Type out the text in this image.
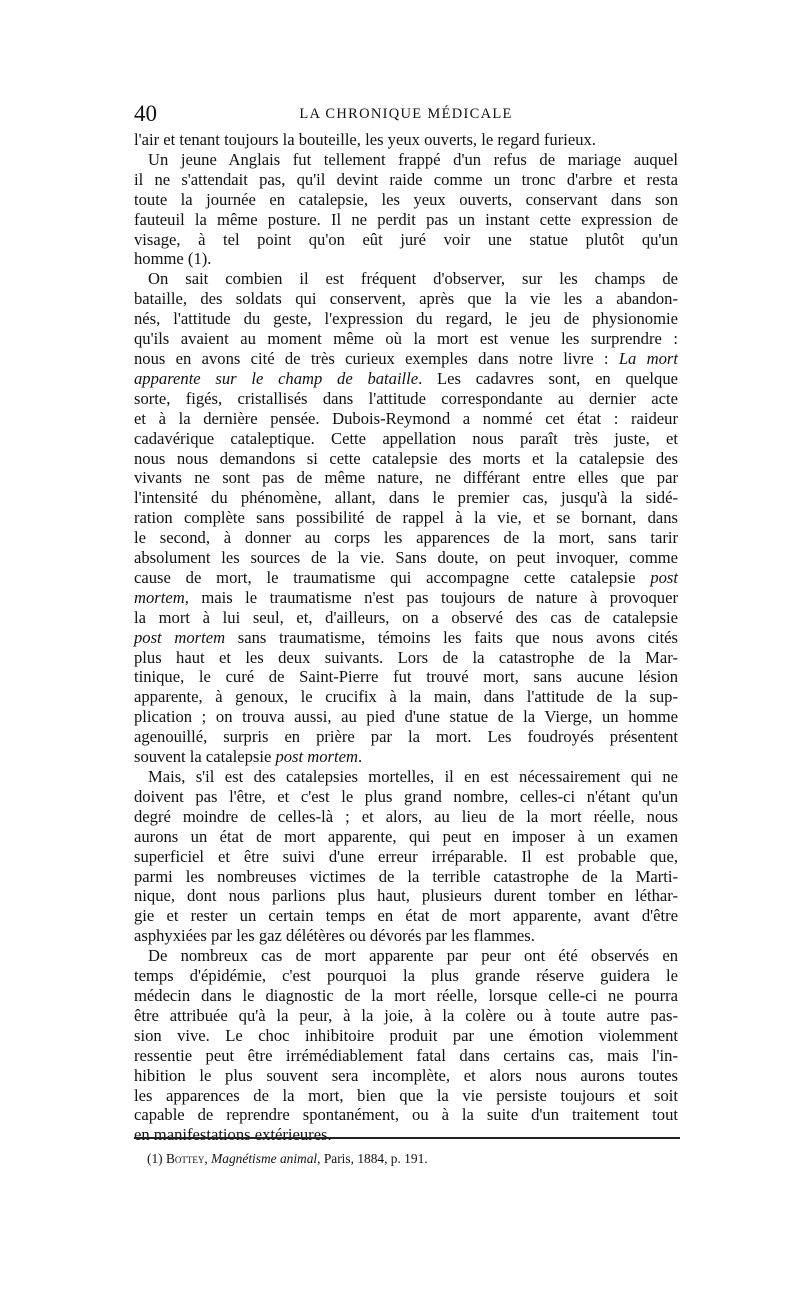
40	LA CHRONIQUE MÉDICALE
l'air et tenant toujours la bouteille, les yeux ouverts, le regard furieux.
Un jeune Anglais fut tellement frappé d'un refus de mariage auquel
il ne s'attendait pas, qu'il devint raide comme un tronc d'arbre et resta
toute la journée en catalepsie, les yeux ouverts, conservant dans son
fauteuil la même posture. Il ne perdit pas un instant cette expression de
visage, à tel point qu'on eût juré voir une statue plutôt qu'un
homme (1).
On sait combien il est fréquent d'observer, sur les champs de
bataille, des soldats qui conservent, après que la vie les a abandon-
nés, l'attitude du geste, l'expression du regard, le jeu de physionomie
qu'ils avaient au moment même où la mort est venue les surprendre :
nous en avons cité de très curieux exemples dans notre livre : La mort
apparente sur le champ de bataille. Les cadavres sont, en quelque
sorte, figés, cristallisés dans l'attitude correspondante au dernier acte
et à la dernière pensée. Dubois-Reymond a nommé cet état : raideur
cadavérique cataleptique. Cette appellation nous paraît très juste, et
nous nous demandons si cette catalepsie des morts et la catalepsie des
vivants ne sont pas de même nature, ne différant entre elles que par
l'intensité du phénomène, allant, dans le premier cas, jusqu'à la sidé-
ration complète sans possibilité de rappel à la vie, et se bornant, dans
le second, à donner au corps les apparences de la mort, sans tarir
absolument les sources de la vie. Sans doute, on peut invoquer, comme
cause de mort, le traumatisme qui accompagne cette catalepsie post
mortem, mais le traumatisme n'est pas toujours de nature à provoquer
la mort à lui seul, et, d'ailleurs, on a observé des cas de catalepsie
post mortem sans traumatisme, témoins les faits que nous avons cités
plus haut et les deux suivants. Lors de la catastrophe de la Mar-
tinique, le curé de Saint-Pierre fut trouvé mort, sans aucune lésion
apparente, à genoux, le crucifix à la main, dans l'attitude de la sup-
plication ; on trouva aussi, au pied d'une statue de la Vierge, un homme
agenouillé, surpris en prière par la mort. Les foudroyés présentent
souvent la catalepsie post mortem.
Mais, s'il est des catalepsies mortelles, il en est nécessairement qui ne
doivent pas l'être, et c'est le plus grand nombre, celles-ci n'étant qu'un
degré moindre de celles-là ; et alors, au lieu de la mort réelle, nous
aurons un état de mort apparente, qui peut en imposer à un examen
superficiel et être suivi d'une erreur irréparable. Il est probable que,
parmi les nombreuses victimes de la terrible catastrophe de la Marti-
nique, dont nous parlions plus haut, plusieurs durent tomber en léthar-
gie et rester un certain temps en état de mort apparente, avant d'être
asphyxiées par les gaz délétères ou dévorés par les flammes.
De nombreux cas de mort apparente par peur ont été observés en
temps d'épidémie, c'est pourquoi la plus grande réserve guidera le
médecin dans le diagnostic de la mort réelle, lorsque celle-ci ne pourra
être attribuée qu'à la peur, à la joie, à la colère ou à toute autre pas-
sion vive. Le choc inhibitoire produit par une émotion violemment
ressentie peut être irrémédiablement fatal dans certains cas, mais l'in-
hibition le plus souvent sera incomplète, et alors nous aurons toutes
les apparences de la mort, bien que la vie persiste toujours et soit
capable de reprendre spontanément, ou à la suite d'un traitement tout
en manifestations extérieures.
(1) Bottey, Magnétisme animal, Paris, 1884, p. 191.
